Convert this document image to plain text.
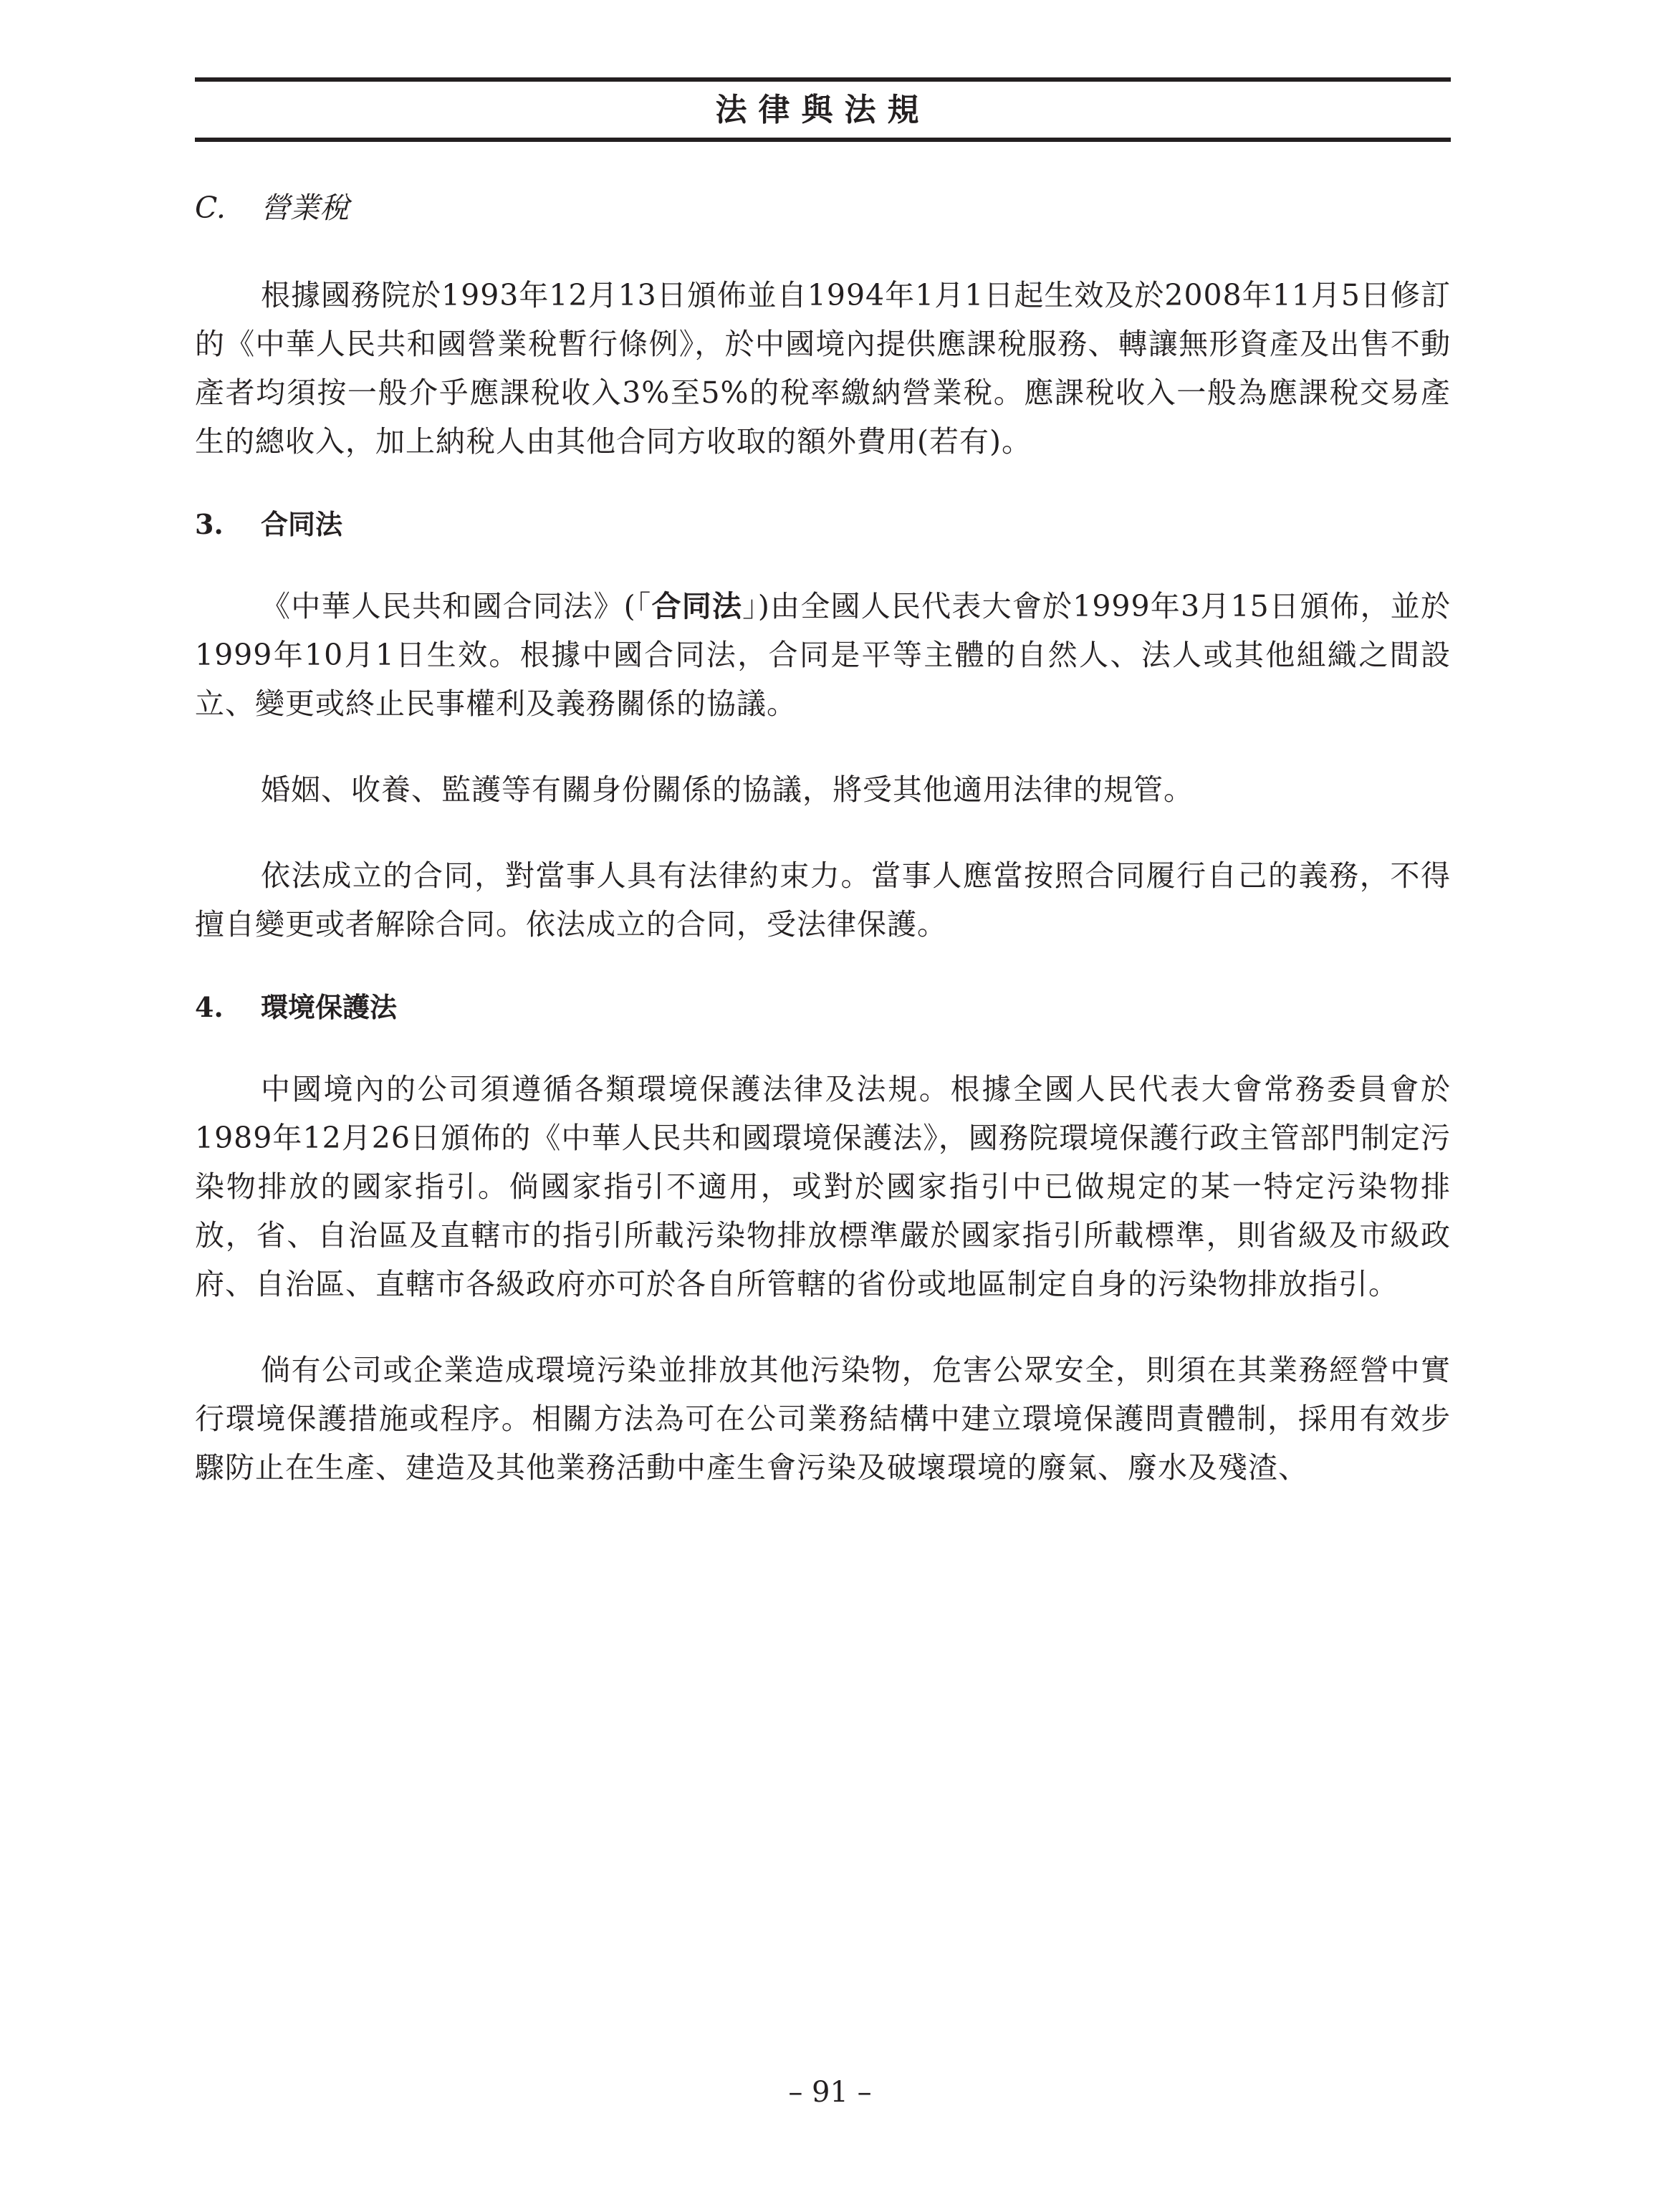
法律與法規
C.	營業稅

根據國務院於1993年12月13日頒佈並自1994年1月1日起生效及於2008年11月5日修訂的《中華人民共和國營業稅暫行條例》，於中國境內提供應課稅服務、轉讓無形資產及出售不動產者均須按一般介乎應課稅收入3%至5%的稅率繳納營業稅。應課稅收入一般為應課稅交易產生的總收入，加上納稅人由其他合同方收取的額外費用(若有)。

3.	合同法

《中華人民共和國合同法》(「合同法」)由全國人民代表大會於1999年3月15日頒佈，並於1999年10月1日生效。根據中國合同法，合同是平等主體的自然人、法人或其他組織之間設立、變更或終止民事權利及義務關係的協議。

婚姻、收養、監護等有關身份關係的協議，將受其他適用法律的規管。

依法成立的合同，對當事人具有法律約束力。當事人應當按照合同履行自己的義務，不得擅自變更或者解除合同。依法成立的合同，受法律保護。

4.	環境保護法

中國境內的公司須遵循各類環境保護法律及法規。根據全國人民代表大會常務委員會於1989年12月26日頒佈的《中華人民共和國環境保護法》，國務院環境保護行政主管部門制定污染物排放的國家指引。倘國家指引不適用，或對於國家指引中已做規定的某一特定污染物排放，省、自治區及直轄市的指引所載污染物排放標準嚴於國家指引所載標準，則省級及市級政府、自治區、直轄市各級政府亦可於各自所管轄的省份或地區制定自身的污染物排放指引。

倘有公司或企業造成環境污染並排放其他污染物，危害公眾安全，則須在其業務經營中實行環境保護措施或程序。相關方法為可在公司業務結構中建立環境保護問責體制，採用有效步驟防止在生產、建造及其他業務活動中產生會污染及破壞環境的廢氣、廢水及殘渣、

– 91 –
